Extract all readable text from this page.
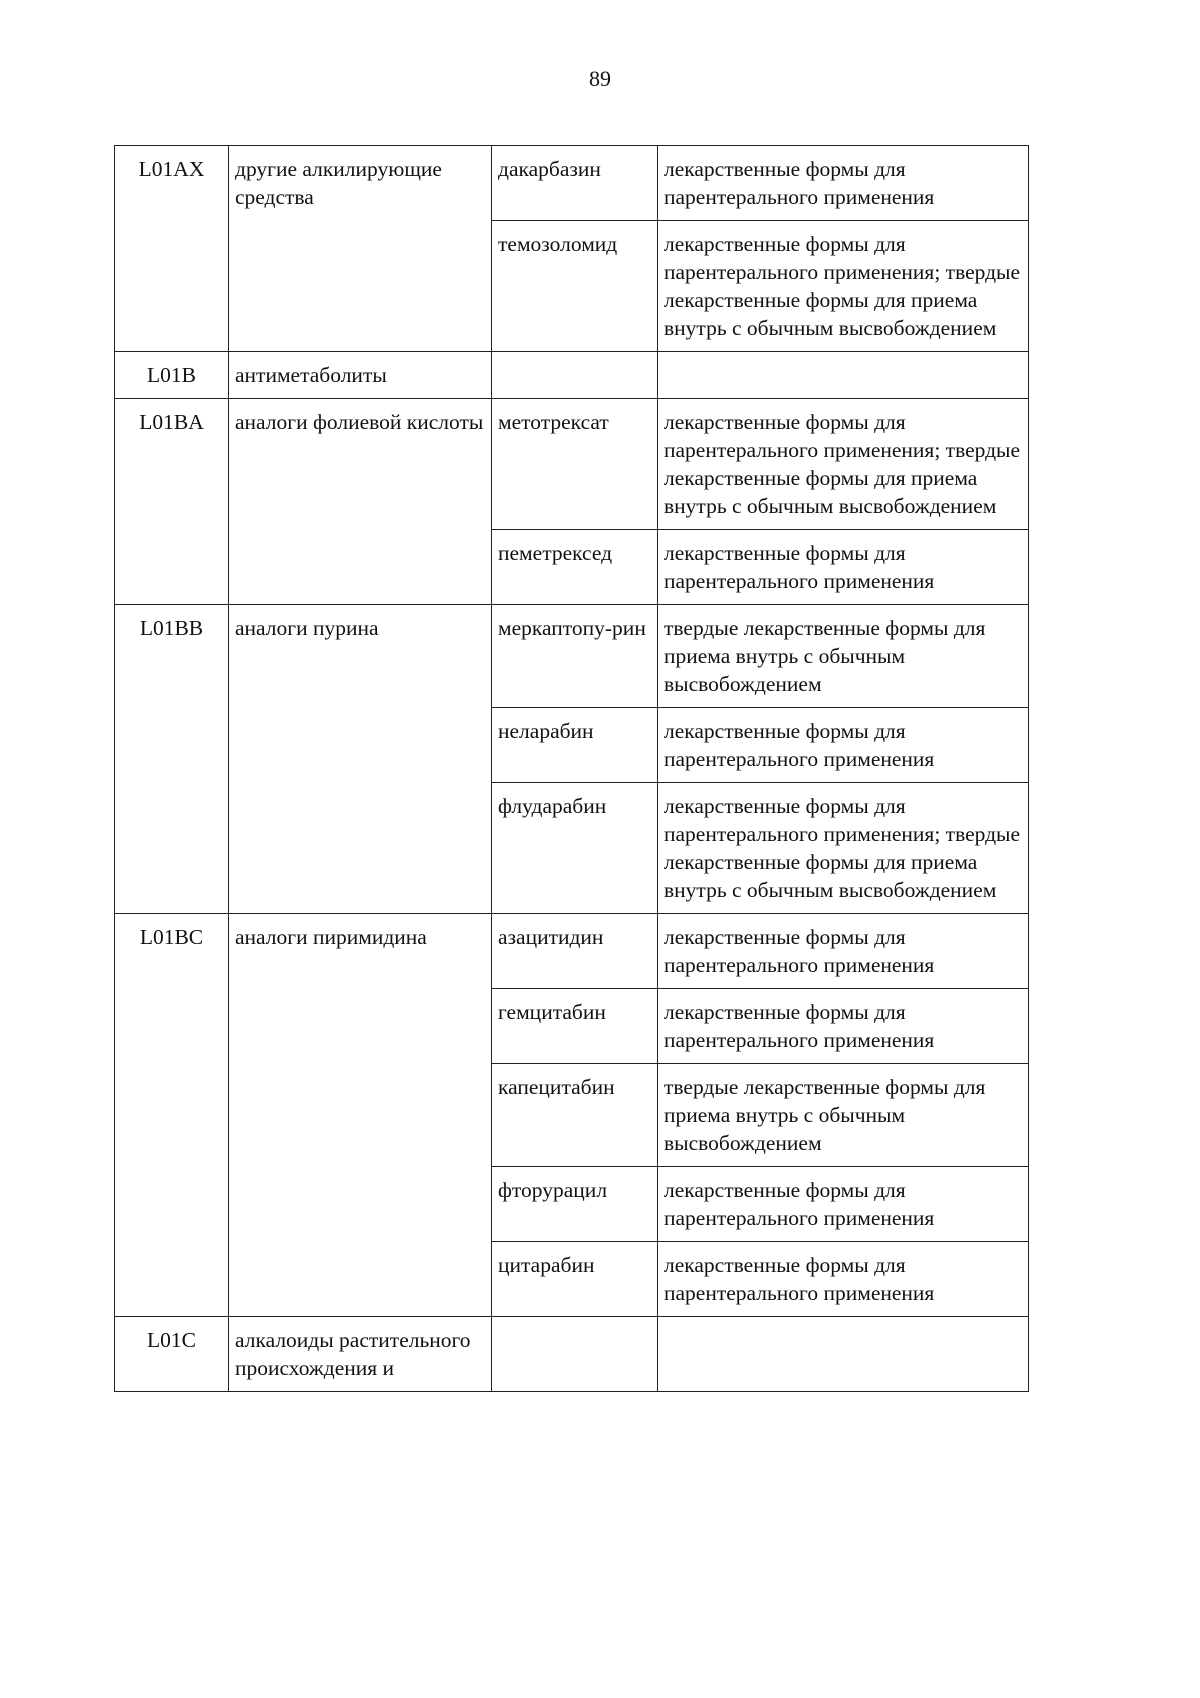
89
L01AX	другие алкилирующие средства	дакарбазин	лекарственные формы для парентерального применения
		темозоломид	лекарственные формы для парентерального применения; твердые лекарственные формы для приема внутрь с обычным высвобождением
L01B	антиметаболиты		
L01BA	аналоги фолиевой кислоты	метотрексат	лекарственные формы для парентерального применения; твердые лекарственные формы для приема внутрь с обычным высвобождением
		пеметрексед	лекарственные формы для парентерального применения
L01BB	аналоги пурина	меркаптопу-рин	твердые лекарственные формы для приема внутрь с обычным высвобождением
		неларабин	лекарственные формы для парентерального применения
		флударабин	лекарственные формы для парентерального применения; твердые лекарственные формы для приема внутрь с обычным высвобождением
L01BC	аналоги пиримидина	азацитидин	лекарственные формы для парентерального применения
		гемцитабин	лекарственные формы для парентерального применения
		капецитабин	твердые лекарственные формы для приема внутрь с обычным высвобождением
		фторурацил	лекарственные формы для парентерального применения
		цитарабин	лекарственные формы для парентерального применения
L01C	алкалоиды растительного происхождения и		
